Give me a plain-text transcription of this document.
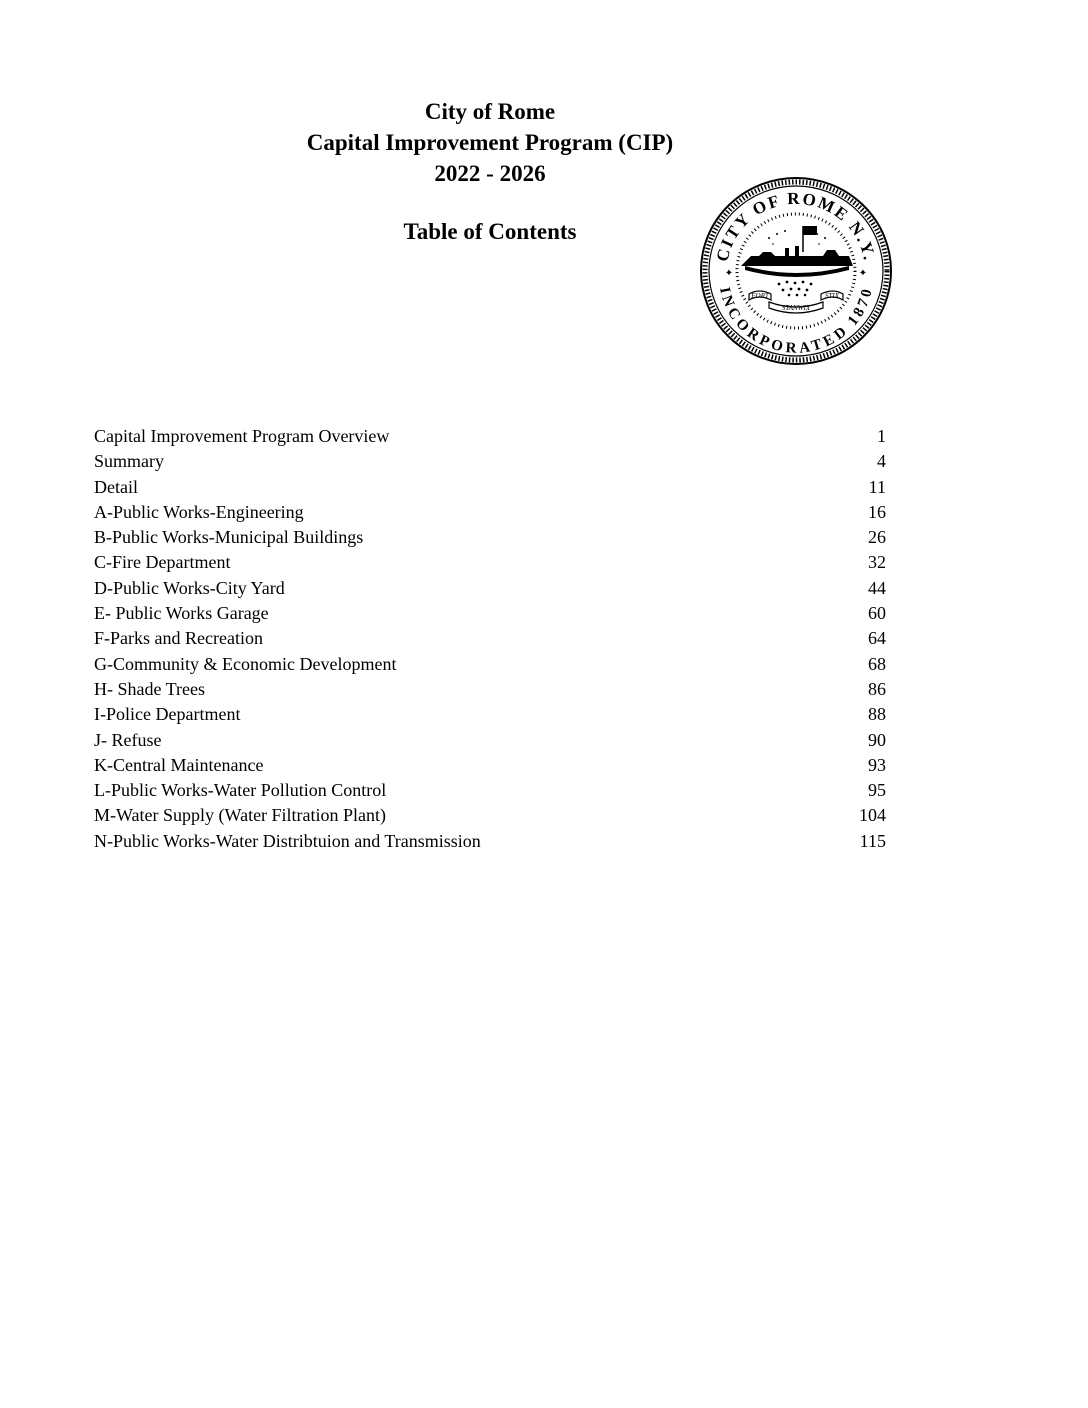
City of Rome
Capital Improvement Program (CIP)
2022 - 2026
Table of Contents
CITY OF ROME N.Y.
INCORPORATED 1870
FORT	STIX
STANWIX
✦	✦
Capital Improvement Program Overview	1
Summary	4
Detail	11
A-Public Works-Engineering	16
B-Public Works-Municipal Buildings	26
C-Fire Department	32
D-Public Works-City Yard	44
E- Public Works Garage	60
F-Parks and Recreation	64
G-Community & Economic Development	68
H- Shade Trees	86
I-Police Department	88
J- Refuse	90
K-Central Maintenance	93
L-Public Works-Water Pollution Control	95
M-Water Supply (Water Filtration Plant)	104
N-Public Works-Water Distribtuion and Transmission	115
